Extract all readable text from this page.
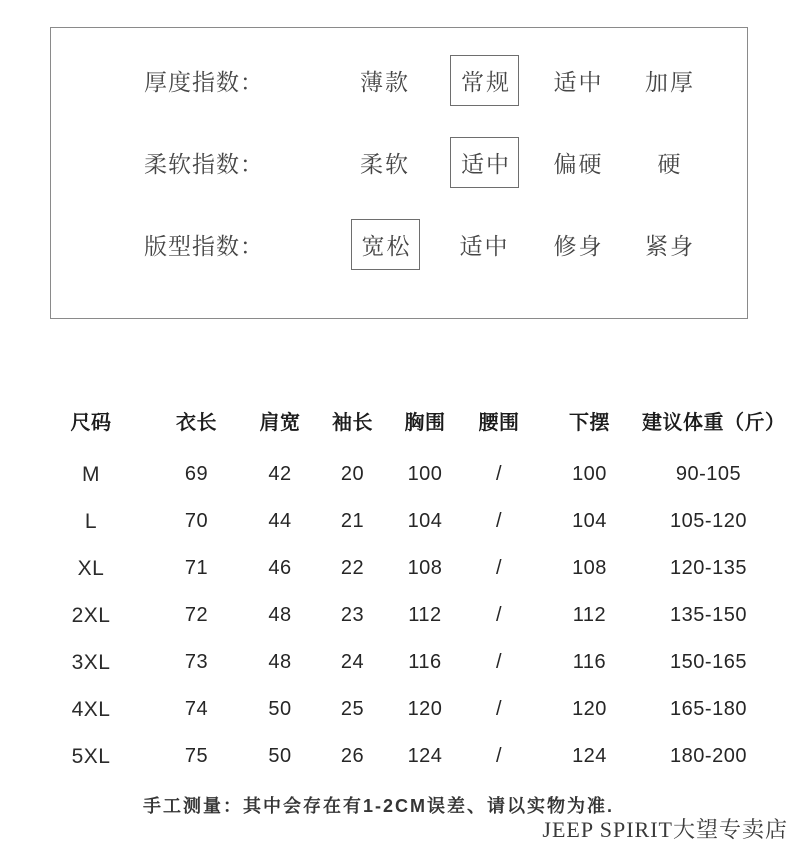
厚度指数：	薄款	常规	适中	加厚
柔软指数：	柔软	适中	偏硬	硬
版型指数：	宽松	适中	修身	紧身
尺码	衣长	肩宽	袖长	胸围	腰围	下摆	建议体重（斤）
M	69	42	20	100	/	100	90-105
L	70	44	21	104	/	104	105-120
XL	71	46	22	108	/	108	120-135
2XL	72	48	23	112	/	112	135-150
3XL	73	48	24	116	/	116	150-165
4XL	74	50	25	120	/	120	165-180
5XL	75	50	26	124	/	124	180-200
手工测量：其中会存在有1-2CM误差、请以实物为准.
JEEP SPIRIT大望专卖店
